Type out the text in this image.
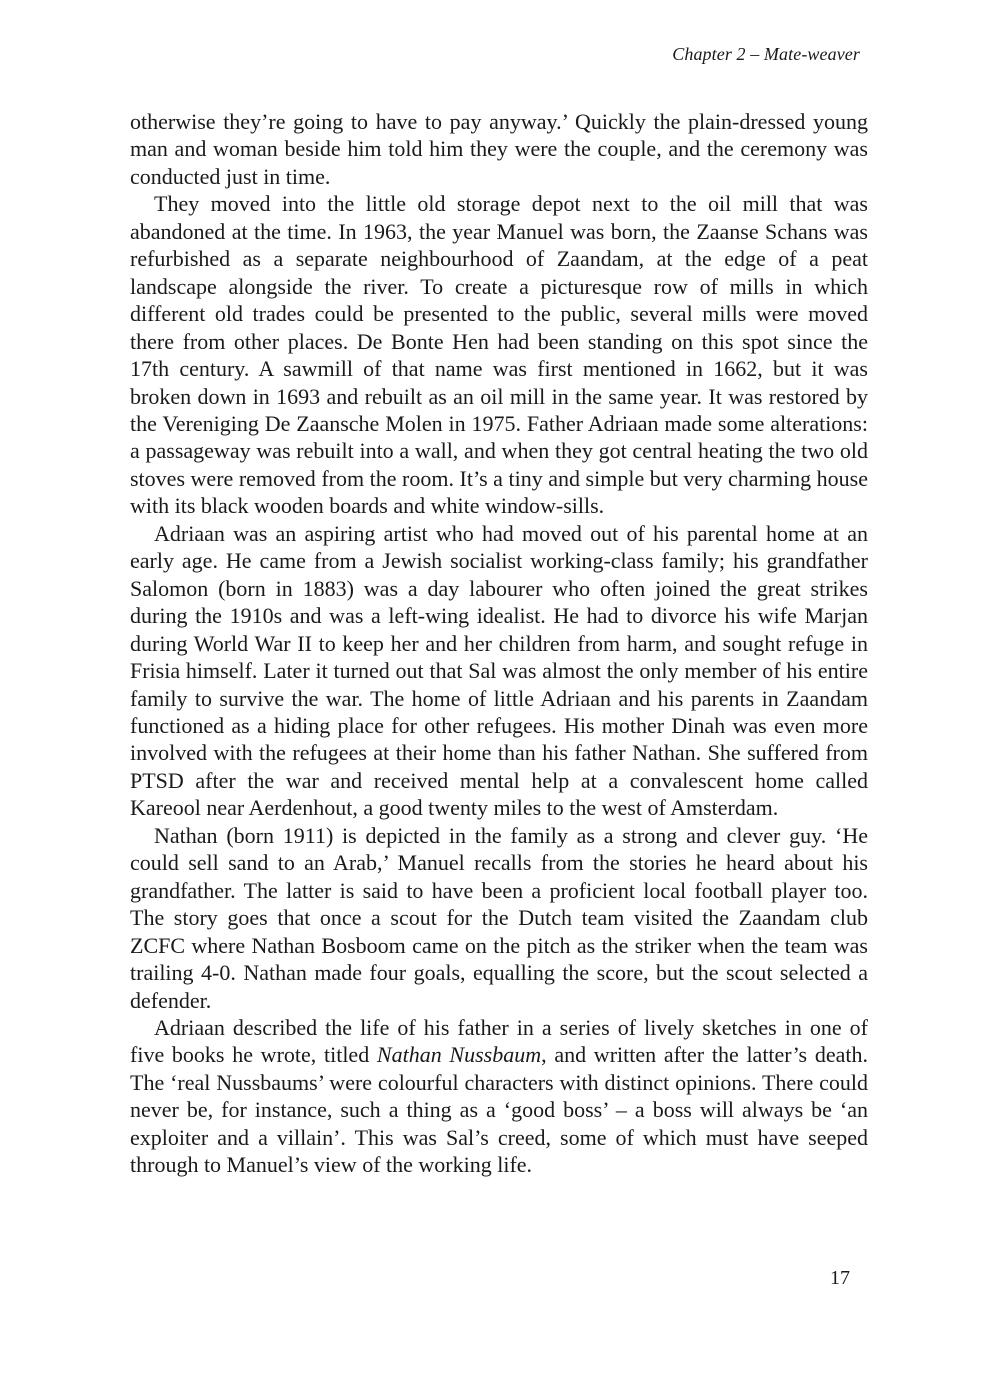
Chapter 2 – Mate-weaver

otherwise they’re going to have to pay anyway.’ Quickly the plain-dressed young man and woman beside him told him they were the couple, and the ceremony was conducted just in time.

They moved into the little old storage depot next to the oil mill that was abandoned at the time. In 1963, the year Manuel was born, the Zaanse Schans was refurbished as a separate neighbourhood of Zaandam, at the edge of a peat landscape alongside the river. To create a picturesque row of mills in which different old trades could be presented to the public, several mills were moved there from other places. De Bonte Hen had been standing on this spot since the 17th century. A sawmill of that name was first mentioned in 1662, but it was broken down in 1693 and rebuilt as an oil mill in the same year. It was restored by the Vereniging De Zaansche Molen in 1975. Father Adriaan made some alterations: a passageway was rebuilt into a wall, and when they got central heating the two old stoves were removed from the room. It’s a tiny and simple but very charming house with its black wooden boards and white window-sills.

Adriaan was an aspiring artist who had moved out of his parental home at an early age. He came from a Jewish socialist working-class family; his grandfather Salomon (born in 1883) was a day labourer who often joined the great strikes during the 1910s and was a left-wing idealist. He had to divorce his wife Marjan during World War II to keep her and her children from harm, and sought refuge in Frisia himself. Later it turned out that Sal was almost the only member of his entire family to survive the war. The home of little Adriaan and his parents in Zaandam functioned as a hiding place for other refugees. His mother Dinah was even more involved with the refugees at their home than his father Nathan. She suffered from PTSD after the war and received mental help at a convalescent home called Kareool near Aerdenhout, a good twenty miles to the west of Amsterdam.

Nathan (born 1911) is depicted in the family as a strong and clever guy. ‘He could sell sand to an Arab,’ Manuel recalls from the stories he heard about his grandfather. The latter is said to have been a proficient local football player too. The story goes that once a scout for the Dutch team visited the Zaandam club ZCFC where Nathan Bosboom came on the pitch as the striker when the team was trailing 4-0. Nathan made four goals, equalling the score, but the scout selected a defender.

Adriaan described the life of his father in a series of lively sketches in one of five books he wrote, titled Nathan Nussbaum, and written after the latter’s death. The ‘real Nussbaums’ were colourful characters with distinct opinions. There could never be, for instance, such a thing as a ‘good boss’ – a boss will always be ‘an exploiter and a villain’. This was Sal’s creed, some of which must have seeped through to Manuel’s view of the working life.

17
